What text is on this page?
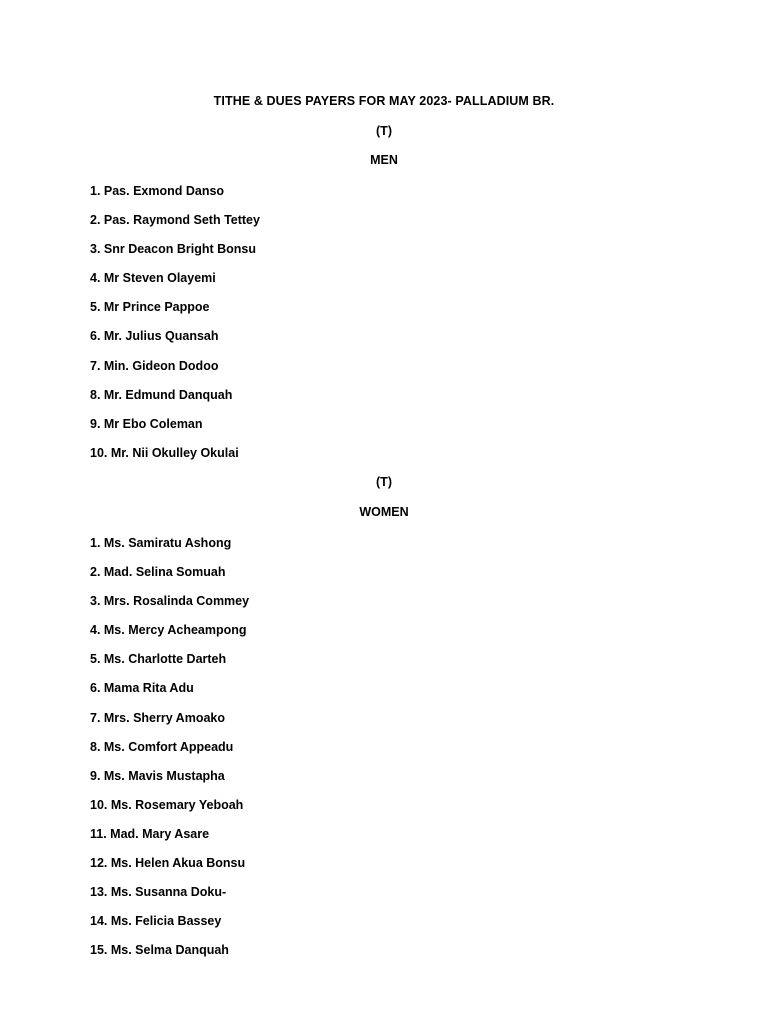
TITHE & DUES PAYERS FOR MAY 2023- PALLADIUM BR.
(T)
MEN
1. Pas. Exmond Danso
2. Pas. Raymond Seth Tettey
3. Snr Deacon Bright Bonsu
4. Mr Steven Olayemi
5. Mr Prince Pappoe
6. Mr. Julius Quansah
7. Min. Gideon Dodoo
8. Mr. Edmund Danquah
9. Mr Ebo Coleman
10. Mr. Nii Okulley Okulai
(T)
WOMEN
1. Ms. Samiratu Ashong
2. Mad. Selina Somuah
3. Mrs. Rosalinda Commey
4. Ms. Mercy Acheampong
5. Ms. Charlotte Darteh
6. Mama Rita Adu
7. Mrs. Sherry Amoako
8. Ms. Comfort Appeadu
9. Ms. Mavis Mustapha
10. Ms. Rosemary Yeboah
11. Mad. Mary Asare
12. Ms. Helen Akua Bonsu
13. Ms. Susanna Doku-
14. Ms. Felicia Bassey
15. Ms. Selma Danquah
